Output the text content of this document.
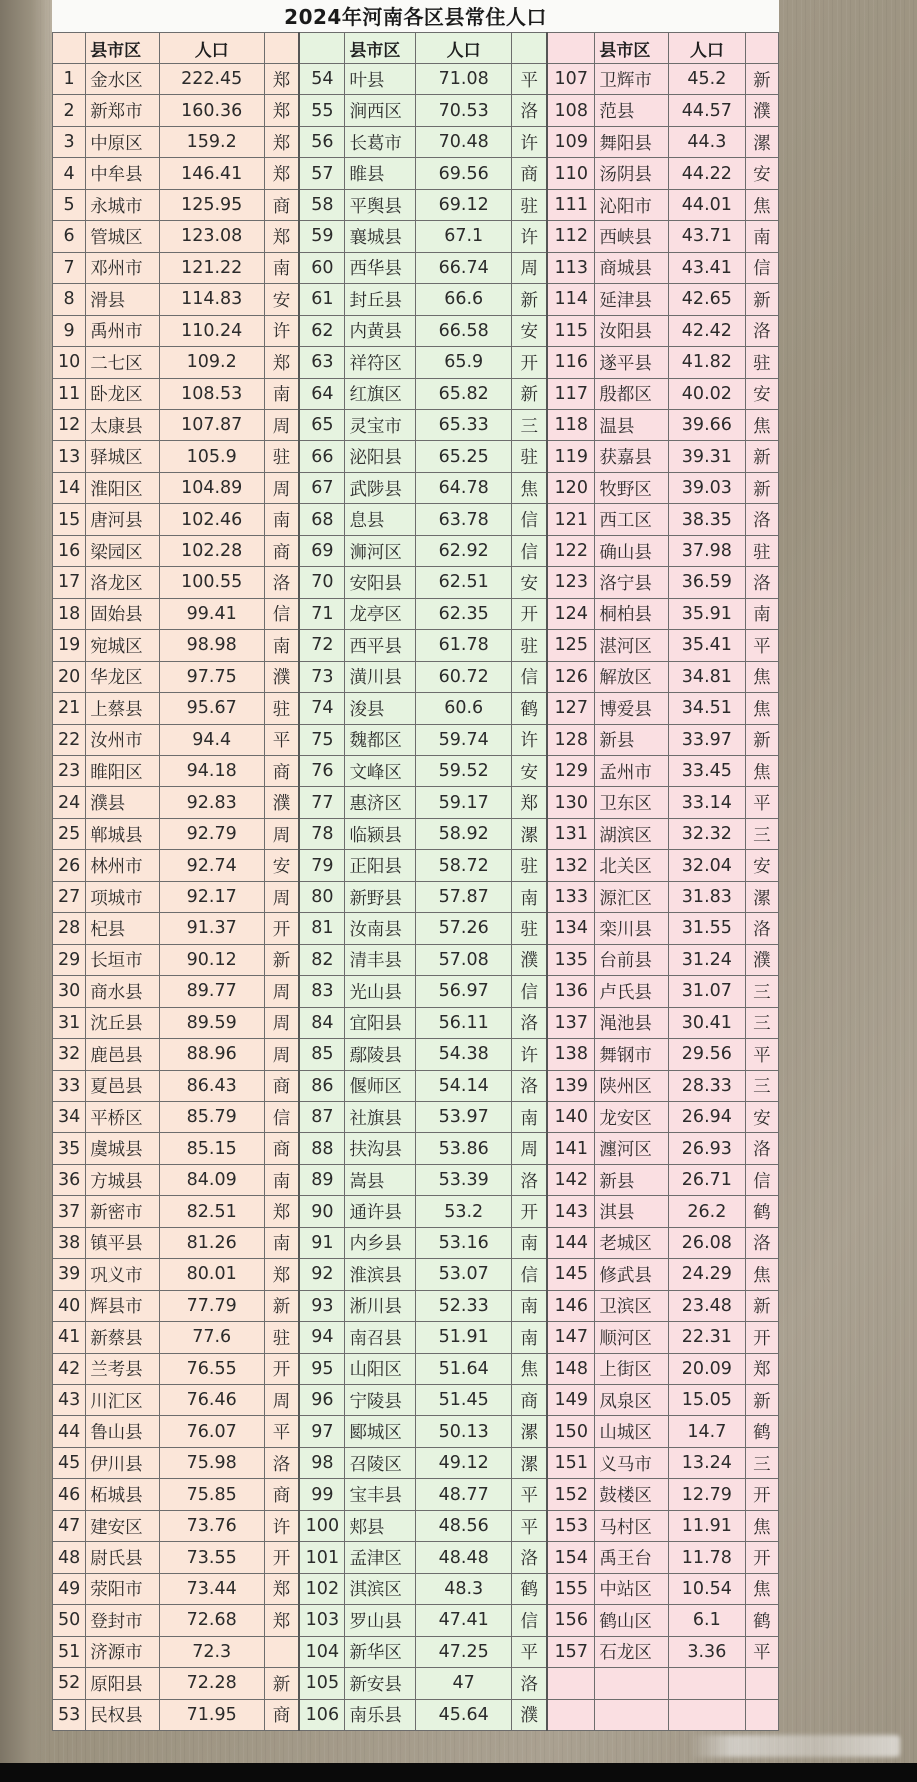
2024年河南各区县常住人口
	县市区	人口			县市区	人口			县市区	人口	
1	金水区	222.45	郑	54	叶县	71.08	平	107	卫辉市	45.2	新
2	新郑市	160.36	郑	55	涧西区	70.53	洛	108	范县	44.57	濮
3	中原区	159.2	郑	56	长葛市	70.48	许	109	舞阳县	44.3	漯
4	中牟县	146.41	郑	57	睢县	69.56	商	110	汤阴县	44.22	安
5	永城市	125.95	商	58	平舆县	69.12	驻	111	沁阳市	44.01	焦
6	管城区	123.08	郑	59	襄城县	67.1	许	112	西峡县	43.71	南
7	邓州市	121.22	南	60	西华县	66.74	周	113	商城县	43.41	信
8	滑县	114.83	安	61	封丘县	66.6	新	114	延津县	42.65	新
9	禹州市	110.24	许	62	内黄县	66.58	安	115	汝阳县	42.42	洛
10	二七区	109.2	郑	63	祥符区	65.9	开	116	遂平县	41.82	驻
11	卧龙区	108.53	南	64	红旗区	65.82	新	117	殷都区	40.02	安
12	太康县	107.87	周	65	灵宝市	65.33	三	118	温县	39.66	焦
13	驿城区	105.9	驻	66	泌阳县	65.25	驻	119	获嘉县	39.31	新
14	淮阳区	104.89	周	67	武陟县	64.78	焦	120	牧野区	39.03	新
15	唐河县	102.46	南	68	息县	63.78	信	121	西工区	38.35	洛
16	梁园区	102.28	商	69	浉河区	62.92	信	122	确山县	37.98	驻
17	洛龙区	100.55	洛	70	安阳县	62.51	安	123	洛宁县	36.59	洛
18	固始县	99.41	信	71	龙亭区	62.35	开	124	桐柏县	35.91	南
19	宛城区	98.98	南	72	西平县	61.78	驻	125	湛河区	35.41	平
20	华龙区	97.75	濮	73	潢川县	60.72	信	126	解放区	34.81	焦
21	上蔡县	95.67	驻	74	浚县	60.6	鹤	127	博爱县	34.51	焦
22	汝州市	94.4	平	75	魏都区	59.74	许	128	新县	33.97	新
23	睢阳区	94.18	商	76	文峰区	59.52	安	129	孟州市	33.45	焦
24	濮县	92.83	濮	77	惠济区	59.17	郑	130	卫东区	33.14	平
25	郸城县	92.79	周	78	临颍县	58.92	漯	131	湖滨区	32.32	三
26	林州市	92.74	安	79	正阳县	58.72	驻	132	北关区	32.04	安
27	项城市	92.17	周	80	新野县	57.87	南	133	源汇区	31.83	漯
28	杞县	91.37	开	81	汝南县	57.26	驻	134	栾川县	31.55	洛
29	长垣市	90.12	新	82	清丰县	57.08	濮	135	台前县	31.24	濮
30	商水县	89.77	周	83	光山县	56.97	信	136	卢氏县	31.07	三
31	沈丘县	89.59	周	84	宜阳县	56.11	洛	137	渑池县	30.41	三
32	鹿邑县	88.96	周	85	鄢陵县	54.38	许	138	舞钢市	29.56	平
33	夏邑县	86.43	商	86	偃师区	54.14	洛	139	陕州区	28.33	三
34	平桥区	85.79	信	87	社旗县	53.97	南	140	龙安区	26.94	安
35	虞城县	85.15	商	88	扶沟县	53.86	周	141	瀍河区	26.93	洛
36	方城县	84.09	南	89	嵩县	53.39	洛	142	新县	26.71	信
37	新密市	82.51	郑	90	通许县	53.2	开	143	淇县	26.2	鹤
38	镇平县	81.26	南	91	内乡县	53.16	南	144	老城区	26.08	洛
39	巩义市	80.01	郑	92	淮滨县	53.07	信	145	修武县	24.29	焦
40	辉县市	77.79	新	93	淅川县	52.33	南	146	卫滨区	23.48	新
41	新蔡县	77.6	驻	94	南召县	51.91	南	147	顺河区	22.31	开
42	兰考县	76.55	开	95	山阳区	51.64	焦	148	上街区	20.09	郑
43	川汇区	76.46	周	96	宁陵县	51.45	商	149	凤泉区	15.05	新
44	鲁山县	76.07	平	97	郾城区	50.13	漯	150	山城区	14.7	鹤
45	伊川县	75.98	洛	98	召陵区	49.12	漯	151	义马市	13.24	三
46	柘城县	75.85	商	99	宝丰县	48.77	平	152	鼓楼区	12.79	开
47	建安区	73.76	许	100	郏县	48.56	平	153	马村区	11.91	焦
48	尉氏县	73.55	开	101	孟津区	48.48	洛	154	禹王台	11.78	开
49	荥阳市	73.44	郑	102	淇滨区	48.3	鹤	155	中站区	10.54	焦
50	登封市	72.68	郑	103	罗山县	47.41	信	156	鹤山区	6.1	鹤
51	济源市	72.3		104	新华区	47.25	平	157	石龙区	3.36	平
52	原阳县	72.28	新	105	新安县	47	洛				
53	民权县	71.95	商	106	南乐县	45.64	濮				
